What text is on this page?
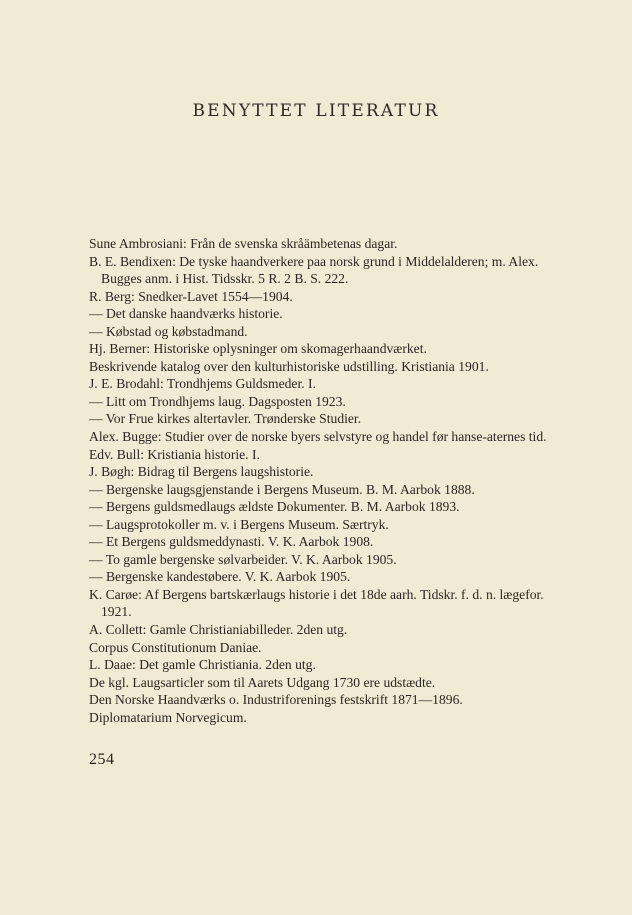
BENYTTET LITERATUR
Sune Ambrosiani: Från de svenska skråämbetenas dagar.
B. E. Bendixen: De tyske haandverkere paa norsk grund i Middelalderen; m. Alex. Bugges anm. i Hist. Tidsskr. 5 R. 2 B. S. 222.
R. Berg: Snedker-Lavet 1554—1904.
— Det danske haandværks historie.
— Købstad og købstadmand.
Hj. Berner: Historiske oplysninger om skomagerhaandværket.
Beskrivende katalog over den kulturhistoriske udstilling. Kristiania 1901.
J. E. Brodahl: Trondhjems Guldsmeder. I.
— Litt om Trondhjems laug. Dagsposten 1923.
— Vor Frue kirkes altertavler. Trønderske Studier.
Alex. Bugge: Studier over de norske byers selvstyre og handel før hanse-aternes tid.
Edv. Bull: Kristiania historie. I.
J. Bøgh: Bidrag til Bergens laugshistorie.
— Bergenske laugsgjenstande i Bergens Museum. B. M. Aarbok 1888.
— Bergens guldsmedlaugs ældste Dokumenter. B. M. Aarbok 1893.
— Laugsprotokoller m. v. i Bergens Museum. Særtryk.
— Et Bergens guldsmeddynasti. V. K. Aarbok 1908.
— To gamle bergenske sølvarbeider. V. K. Aarbok 1905.
— Bergenske kandestøbere. V. K. Aarbok 1905.
K. Carøe: Af Bergens bartskærlaugs historie i det 18de aarh. Tidskr. f. d. n. lægefor. 1921.
A. Collett: Gamle Christianiabilleder. 2den utg.
Corpus Constitutionum Daniae.
L. Daae: Det gamle Christiania. 2den utg.
De kgl. Laugsarticler som til Aarets Udgang 1730 ere udstædte.
Den Norske Haandværks o. Industriforenings festskrift 1871—1896.
Diplomatarium Norvegicum.
254
